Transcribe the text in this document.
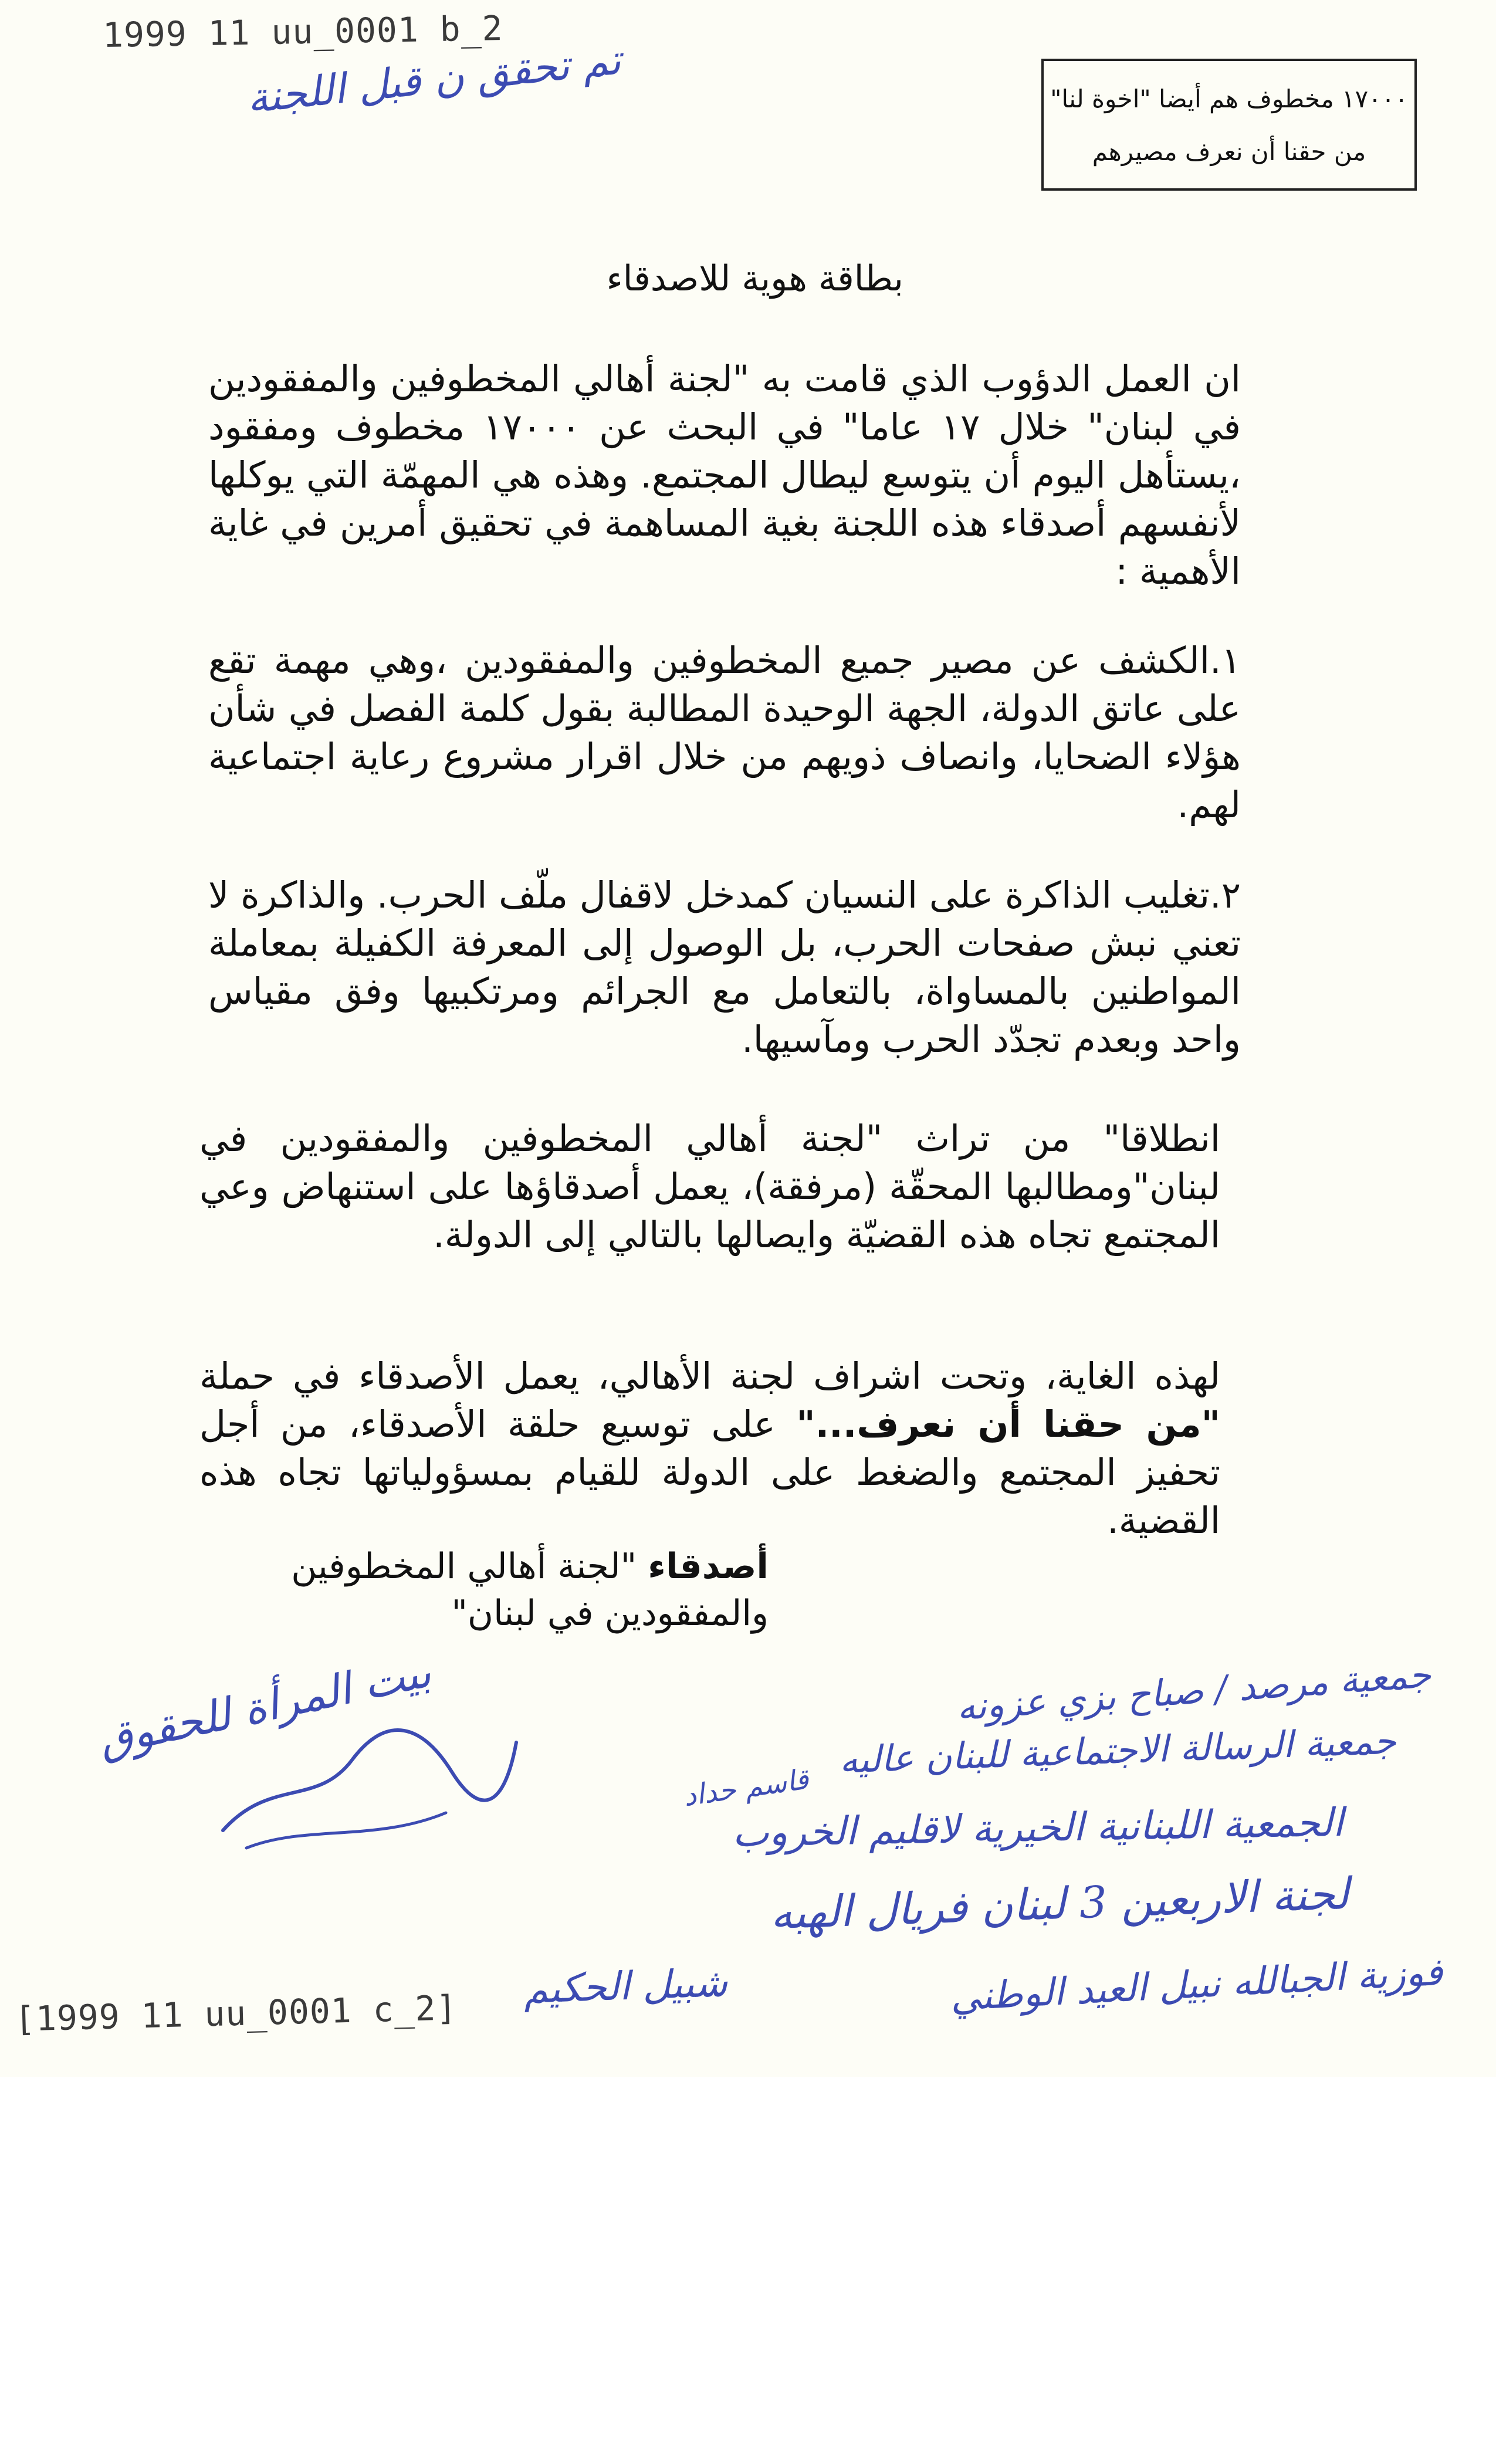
1999 11 uu_0001 b_2
تم تحقق ن قبل اللجنة	١٧٠٠٠ مخطوف هم أيضا "اخوة لنا"
من حقنا أن نعرف مصيرهم
بطاقة هوية للاصدقاء
ان العمل الدؤوب الذي قامت به "لجنة أهالي المخطوفين والمفقودين في لبنان" خلال ١٧ عاما" في البحث عن ١٧٠٠٠ مخطوف ومفقود ،يستأهل اليوم أن يتوسع ليطال المجتمع. وهذه هي المهمّة التي يوكلها لأنفسهم أصدقاء هذه اللجنة بغية المساهمة في تحقيق أمرين في غاية الأهمية :
١.الكشف عن مصير جميع المخطوفين والمفقودين ،وهي مهمة تقع على عاتق الدولة، الجهة الوحيدة المطالبة بقول كلمة الفصل في شأن هؤلاء الضحايا، وانصاف ذويهم من خلال اقرار مشروع رعاية اجتماعية لهم.
٢.تغليب الذاكرة على النسيان كمدخل لاقفال ملّف الحرب. والذاكرة لا تعني نبش صفحات الحرب، بل الوصول إلى المعرفة الكفيلة بمعاملة المواطنين بالمساواة، بالتعامل مع الجرائم ومرتكبيها وفق مقياس واحد وبعدم تجدّد الحرب ومآسيها.
انطلاقا" من تراث "لجنة أهالي المخطوفين والمفقودين في لبنان"ومطالبها المحقّة (مرفقة)، يعمل أصدقاؤها على استنهاض وعي المجتمع تجاه هذه القضيّة وايصالها بالتالي إلى الدولة.
لهذه الغاية، وتحت اشراف لجنة الأهالي، يعمل الأصدقاء في حملة "من حقنا أن نعرف..." على توسيع حلقة الأصدقاء، من أجل تحفيز المجتمع والضغط على الدولة للقيام بمسؤولياتها تجاه هذه القضية.
أصدقاء "لجنة أهالي المخطوفين
والمفقودين في لبنان"
بيت المرأة للحقوق	جمعية مرصد / صباح بزي عزونه
جمعية الرسالة الاجتماعية للبنان عاليه
قاسم حداد
الجمعية اللبنانية الخيرية لاقليم الخروب
لجنة الاربعين 3 لبنان فريال الهبه
فوزية الجبالله نبيل العيد الوطني
شبيل الحكيم
[ 1999 11 uu_0001 c_2 ]
